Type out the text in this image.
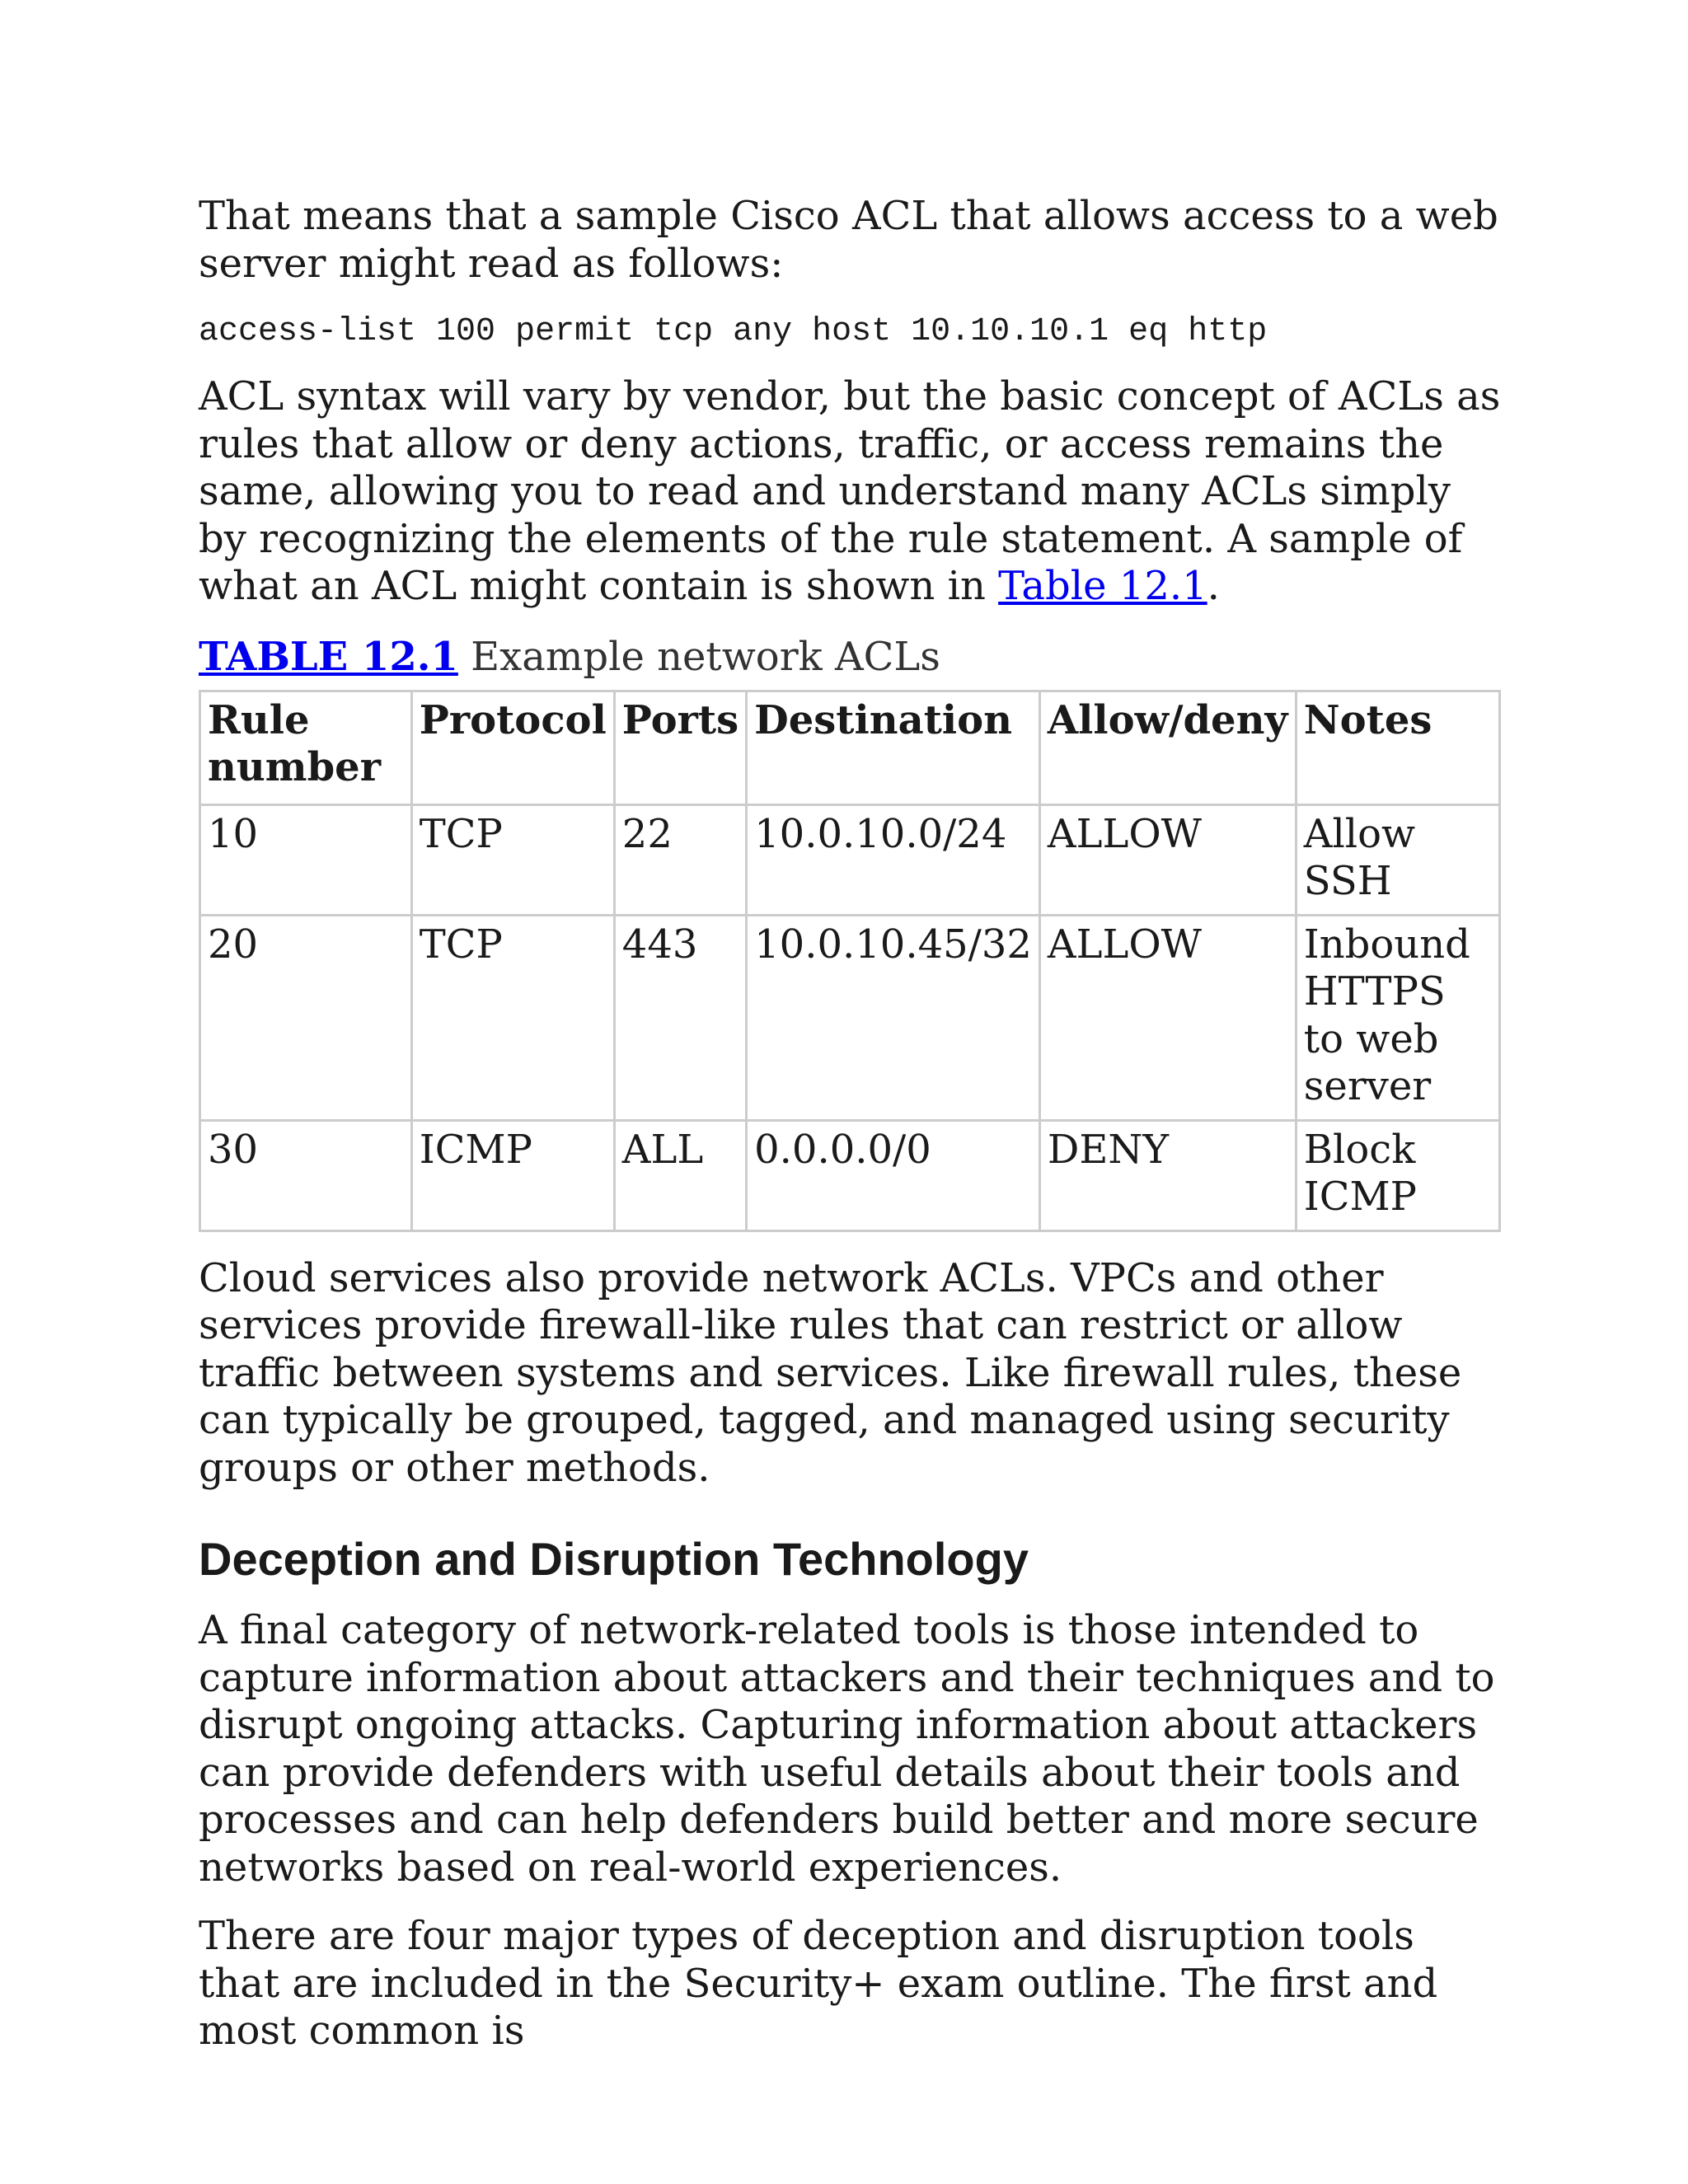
That means that a sample Cisco ACL that allows access to a web server might read as follows:

access-list 100 permit tcp any host 10.10.10.1 eq http

ACL syntax will vary by vendor, but the basic concept of ACLs as rules that allow or deny actions, traffic, or access remains the same, allowing you to read and understand many ACLs simply by recognizing the elements of the rule statement. A sample of what an ACL might contain is shown in Table 12.1.

TABLE 12.1 Example network ACLs
Rule number	Protocol	Ports	Destination	Allow/deny	Notes
10	TCP	22	10.0.10.0/24	ALLOW	Allow SSH
20	TCP	443	10.0.10.45/32	ALLOW	Inbound HTTPS to web server
30	ICMP	ALL	0.0.0.0/0	DENY	Block ICMP

Cloud services also provide network ACLs. VPCs and other services provide firewall-like rules that can restrict or allow traffic between systems and services. Like firewall rules, these can typically be grouped, tagged, and managed using security groups or other methods.

Deception and Disruption Technology

A final category of network-related tools is those intended to capture information about attackers and their techniques and to disrupt ongoing attacks. Capturing information about attackers can provide defenders with useful details about their tools and processes and can help defenders build better and more secure networks based on real-world experiences.

There are four major types of deception and disruption tools that are included in the Security+ exam outline. The first and most common is
